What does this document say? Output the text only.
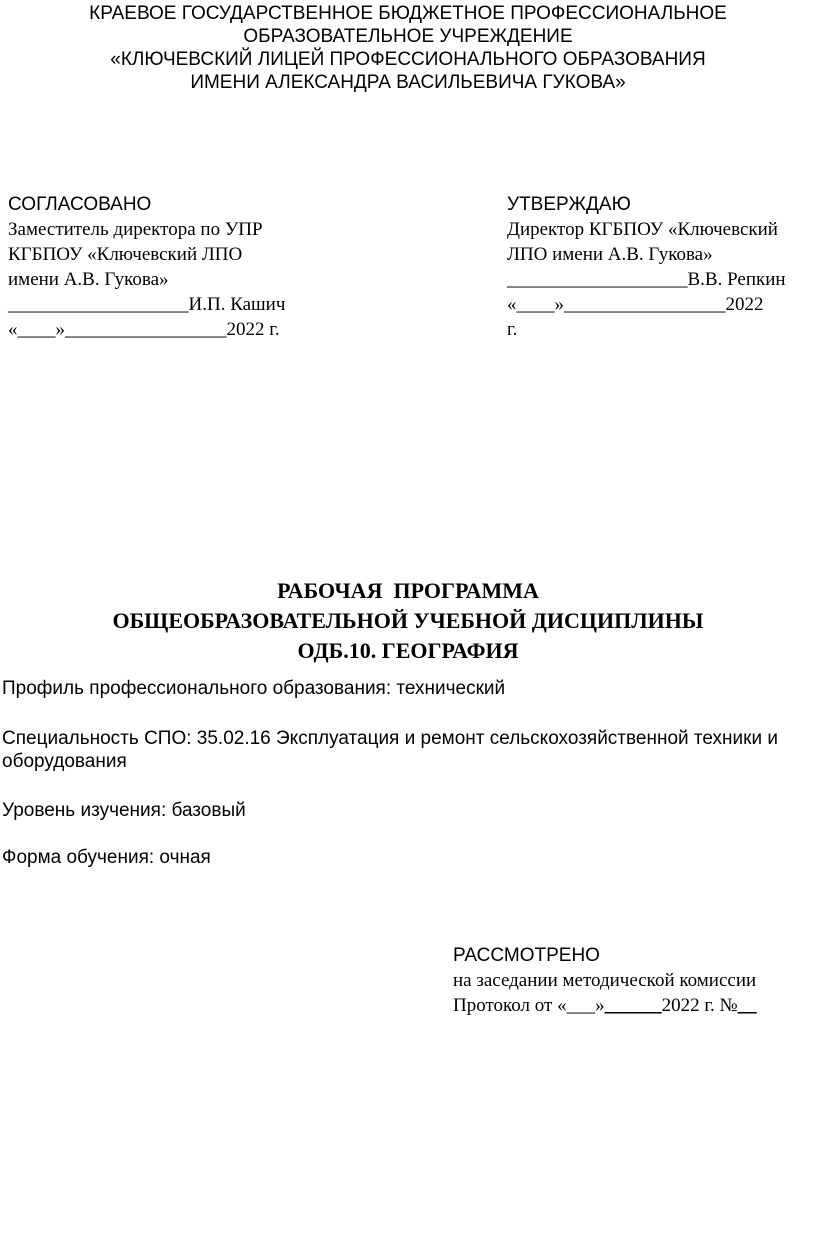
КРАЕВОЕ ГОСУДАРСТВЕННОЕ БЮДЖЕТНОЕ ПРОФЕССИОНАЛЬНОЕ
ОБРАЗОВАТЕЛЬНОЕ УЧРЕЖДЕНИЕ
«КЛЮЧЕВСКИЙ ЛИЦЕЙ ПРОФЕССИОНАЛЬНОГО ОБРАЗОВАНИЯ
ИМЕНИ АЛЕКСАНДРА ВАСИЛЬЕВИЧА ГУКОВА»
СОГЛАСОВАНО
Заместитель директора по УПР
КГБПОУ «Ключевский ЛПО
имени А.В. Гукова»
___________________И.П. Кашич
«____»_________________2022 г.
УТВЕРЖДАЮ
Директор КГБПОУ «Ключевский
ЛПО имени А.В. Гукова»
___________________В.В. Репкин
«____»_________________2022
г.
РАБОЧАЯ  ПРОГРАММА
ОБЩЕОБРАЗОВАТЕЛЬНОЙ УЧЕБНОЙ ДИСЦИПЛИНЫ
ОДБ.10. ГЕОГРАФИЯ
Профиль профессионального образования: технический
Специальность СПО: 35.02.16 Эксплуатация и ремонт сельскохозяйственной техники и
оборудования
Уровень изучения: базовый
Форма обучения: очная
РАССМОТРЕНО
на заседании методической комиссии
Протокол от «___»______2022 г. №__
